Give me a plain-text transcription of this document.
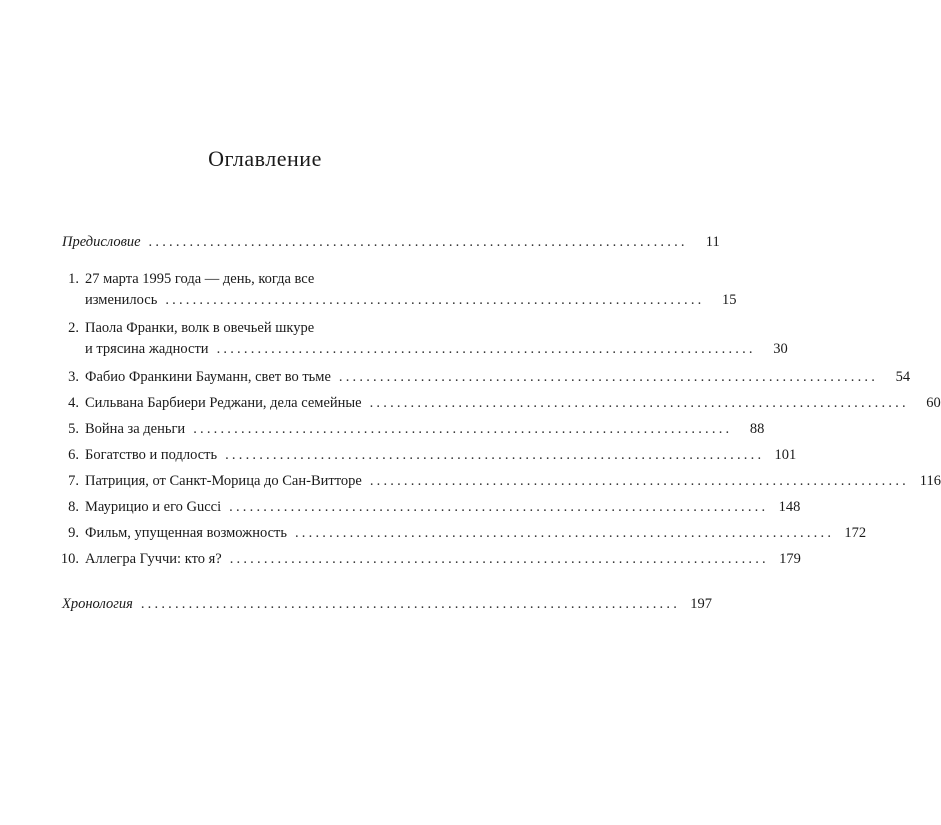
Оглавление
Предисловие ...............................................................................	11
1. 27 марта 1995 года — день, когда все
изменилось ...............................................................................	15
2. Паола Франки, волк в овечьей шкуре
и трясина жадности ...............................................................................	30
3. Фабио Франкини Бауманн, свет во тьме ...............................................................................	54
4. Сильвана Барбиери Реджани, дела семейные ...............................................................................	60
5. Война за деньги ...............................................................................	88
6. Богатство и подлость ............................................................................... 101
7. Патриция, от Санкт-Морица до Сан-Витторе ............................................................................... 116
8. Маурицио и его Gucci ............................................................................... 148
9. Фильм, упущенная возможность ............................................................................... 172
10. Аллегра Гуччи: кто я? ............................................................................... 179
Хронология ............................................................................... 197
